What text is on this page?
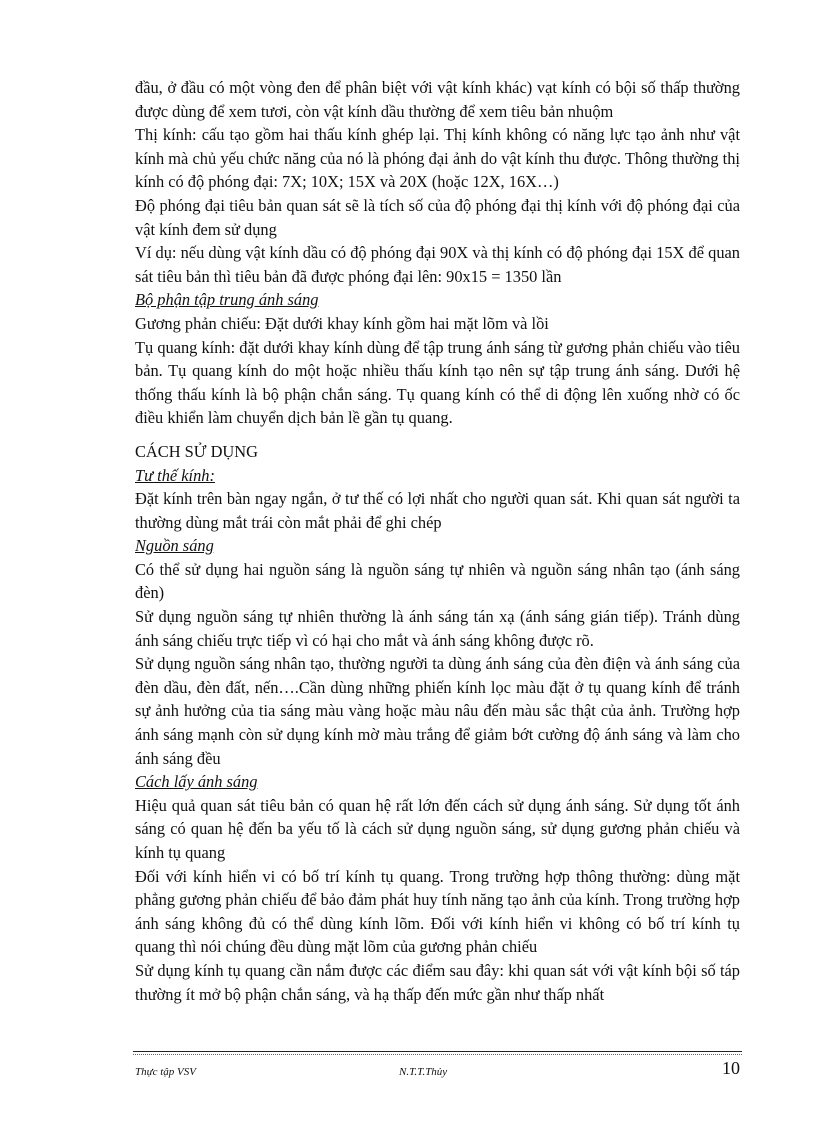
đầu, ở đầu có một vòng đen để phân biệt với vật kính khác) vạt kính có bội số thấp thường được dùng để xem tươi, còn vật kính dầu thường để xem tiêu bản nhuộm

Thị kính: cấu tạo gồm hai thấu kính ghép lại. Thị kính không có năng lực tạo ảnh như vật kính mà chủ yếu chức năng của nó là phóng đại ảnh do vật kính thu được. Thông thường thị kính có độ phóng đại: 7X; 10X; 15X và 20X (hoặc 12X, 16X…)

Độ phóng đại tiêu bản quan sát sẽ là tích số của độ phóng đại thị kính với độ phóng đại của vật kính đem sử dụng

Ví dụ: nếu dùng vật kính dầu có độ phóng đại 90X và thị kính có độ phóng đại 15X để quan sát tiêu bản thì tiêu bản đã được phóng đại lên: 90x15 = 1350 lần

Bộ phận tập trung ánh sáng

Gương phản chiếu: Đặt dưới khay kính gồm hai mặt lõm và lồi

Tụ quang kính: đặt dưới khay kính dùng để tập trung ánh sáng từ gương phản chiếu vào tiêu bản. Tụ quang kính do một hoặc nhiều thấu kính tạo nên sự tập trung ánh sáng. Dưới hệ thống thấu kính là bộ phận chắn sáng. Tụ quang kính có thể di động lên xuống nhờ có ốc điều khiển làm chuyển dịch bản lề gần tụ quang.

CÁCH SỬ DỤNG

Tư thế kính:

Đặt kính trên bàn ngay ngắn, ở tư thế có lợi nhất cho người quan sát. Khi quan sát người ta thường dùng mắt trái còn mắt phải để ghi chép

Nguồn sáng

Có thể sử dụng hai nguồn sáng là nguồn sáng tự nhiên và nguồn sáng nhân tạo (ánh sáng đèn)

Sử dụng nguồn sáng tự nhiên thường là ánh sáng tán xạ (ánh sáng gián tiếp). Tránh dùng ánh sáng chiếu trực tiếp vì có hại cho mắt và ánh sáng không được rõ.

Sử dụng nguồn sáng nhân tạo, thường người ta dùng ánh sáng của đèn điện và ánh sáng của đèn dầu, đèn đất, nến….Cần dùng những phiến kính lọc màu đặt ở tụ quang kính để tránh sự ảnh hưởng của tia sáng màu vàng hoặc màu nâu đến màu sắc thật của ảnh. Trường hợp ánh sáng mạnh còn sử dụng kính mờ màu trắng để giảm bớt cường độ ánh sáng và làm cho ánh sáng đều

Cách lấy ánh sáng

Hiệu quả quan sát tiêu bản có quan hệ rất lớn đến cách sử dụng ánh sáng. Sử dụng tốt ánh sáng có quan hệ đến ba yếu tố là cách sử dụng nguồn sáng, sử dụng gương phản chiếu và kính tụ quang

Đối với kính hiển vi có bố trí kính tụ quang. Trong trường hợp thông thường: dùng mặt phẳng gương phản chiếu để bảo đảm phát huy tính năng tạo ảnh của kính. Trong trường hợp ánh sáng không đủ có thể dùng kính lõm. Đối với kính hiển vi không có bố trí kính tụ quang thì nói chúng đều dùng mặt lõm của gương phản chiếu

Sử dụng kính tụ quang cần nắm được các điểm sau đây: khi quan sát với vật kính bội số táp thường ít mở bộ phận chắn sáng, và hạ thấp đến mức gần như thấp nhất

Thực tập VSV	N.T.T.Thủy	10
